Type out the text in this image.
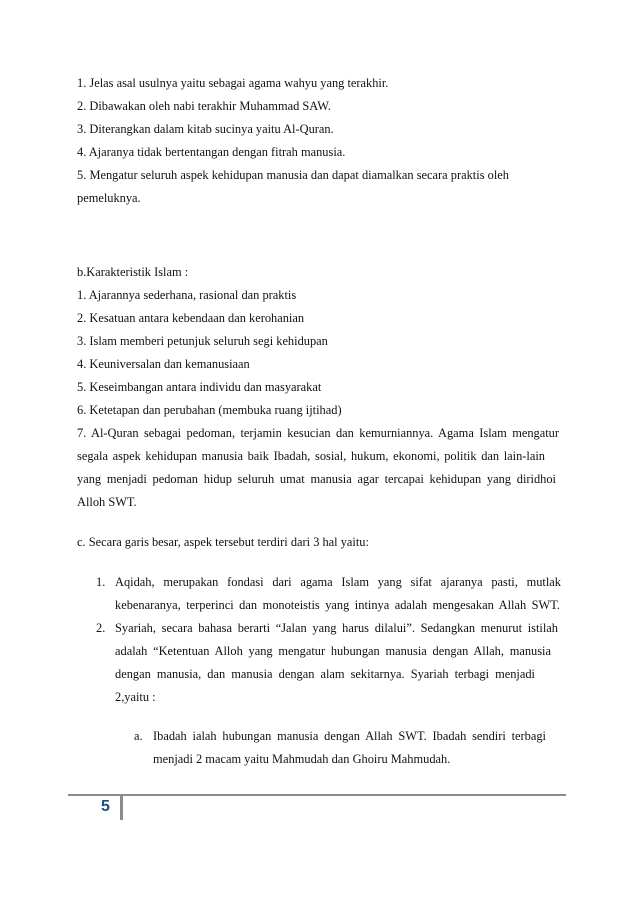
1. Jelas asal usulnya yaitu sebagai agama wahyu yang terakhir.
2. Dibawakan oleh nabi terakhir Muhammad SAW.
3. Diterangkan dalam kitab sucinya yaitu Al-Quran.
4. Ajaranya tidak bertentangan dengan fitrah manusia.
5. Mengatur seluruh aspek kehidupan manusia dan dapat diamalkan secara praktis oleh
pemeluknya.
b.Karakteristik Islam :
1. Ajarannya sederhana, rasional dan praktis
2. Kesatuan antara kebendaan dan kerohanian
3. Islam memberi petunjuk seluruh segi kehidupan
4. Keuniversalan dan kemanusiaan
5. Keseimbangan antara individu dan masyarakat
6. Ketetapan dan perubahan (membuka ruang ijtihad)
7. Al-Quran sebagai pedoman, terjamin kesucian dan kemurniannya. Agama Islam mengatur
segala aspek kehidupan manusia baik Ibadah, sosial, hukum, ekonomi, politik dan lain-lain
yang menjadi pedoman hidup seluruh umat manusia agar tercapai kehidupan yang diridhoi
Alloh SWT.
c. Secara garis besar, aspek tersebut terdiri dari 3 hal yaitu:
1. Aqidah, merupakan fondasi dari agama Islam yang sifat ajaranya pasti, mutlak
kebenaranya, terperinci dan monoteistis yang intinya adalah mengesakan Allah SWT.
2. Syariah, secara bahasa berarti “Jalan yang harus dilalui”. Sedangkan menurut istilah
adalah “Ketentuan Alloh yang mengatur hubungan manusia dengan Allah, manusia
dengan manusia, dan manusia dengan alam sekitarnya. Syariah terbagi menjadi
2,yaitu :
a. Ibadah ialah hubungan manusia dengan Allah SWT. Ibadah sendiri terbagi
menjadi 2 macam yaitu Mahmudah dan Ghoiru Mahmudah.
5
